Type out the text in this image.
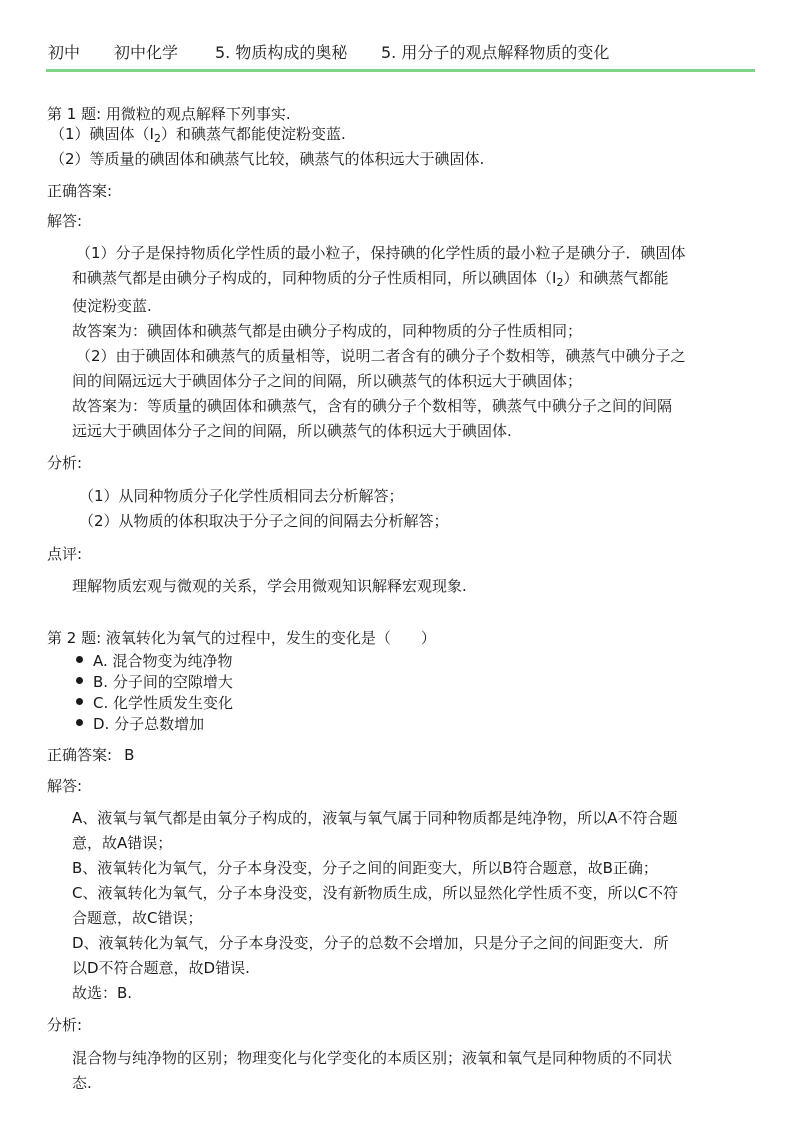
初中 初中化学 5. 物质构成的奥秘 5. 用分子的观点解释物质的变化
第 1 题: 用微粒的观点解释下列事实.
（1）碘固体$(I_2)$和碘蒸气都能使淀粉变蓝.
（2）等质量的碘固体和碘蒸气比较，碘蒸气的体积远大于碘固体.
正确答案:
解答:
（1）分子是保持物质化学性质的最小粒子，保持碘的化学性质的最小粒子是碘分子．碘固体
和碘蒸气都是由碘分子构成的，同种物质的分子性质相同，所以碘固体$(I_2)$和碘蒸气都能
使淀粉变蓝.
故答案为：碘固体和碘蒸气都是由碘分子构成的，同种物质的分子性质相同；
（2）由于碘固体和碘蒸气的质量相等，说明二者含有的碘分子个数相等，碘蒸气中碘分子之
间的间隔远远大于碘固体分子之间的间隔，所以碘蒸气的体积远大于碘固体；
故答案为：等质量的碘固体和碘蒸气，含有的碘分子个数相等，碘蒸气中碘分子之间的间隔
远远大于碘固体分子之间的间隔，所以碘蒸气的体积远大于碘固体.
分析:
（1）从同种物质分子化学性质相同去分析解答；
（2）从物质的体积取决于分子之间的间隔去分析解答；
点评:
理解物质宏观与微观的关系，学会用微观知识解释宏观现象.
第 2 题: 液氧转化为氧气的过程中，发生的变化是（　　）
A. 混合物变为纯净物
B. 分子间的空隙增大
C. 化学性质发生变化
D. 分子总数增加
正确答案: B
解答:
A、液氧与氧气都是由氧分子构成的，液氧与氧气属于同种物质都是纯净物，所以A不符合题
意，故A错误；
B、液氧转化为氧气，分子本身没变，分子之间的间距变大，所以B符合题意，故B正确；
C、液氧转化为氧气，分子本身没变，没有新物质生成，所以显然化学性质不变，所以C不符
合题意，故C错误；
D、液氧转化为氧气，分子本身没变，分子的总数不会增加，只是分子之间的间距变大．所
以D不符合题意，故D错误.
故选：B.
分析:
混合物与纯净物的区别；物理变化与化学变化的本质区别；液氧和氧气是同种物质的不同状
态.
